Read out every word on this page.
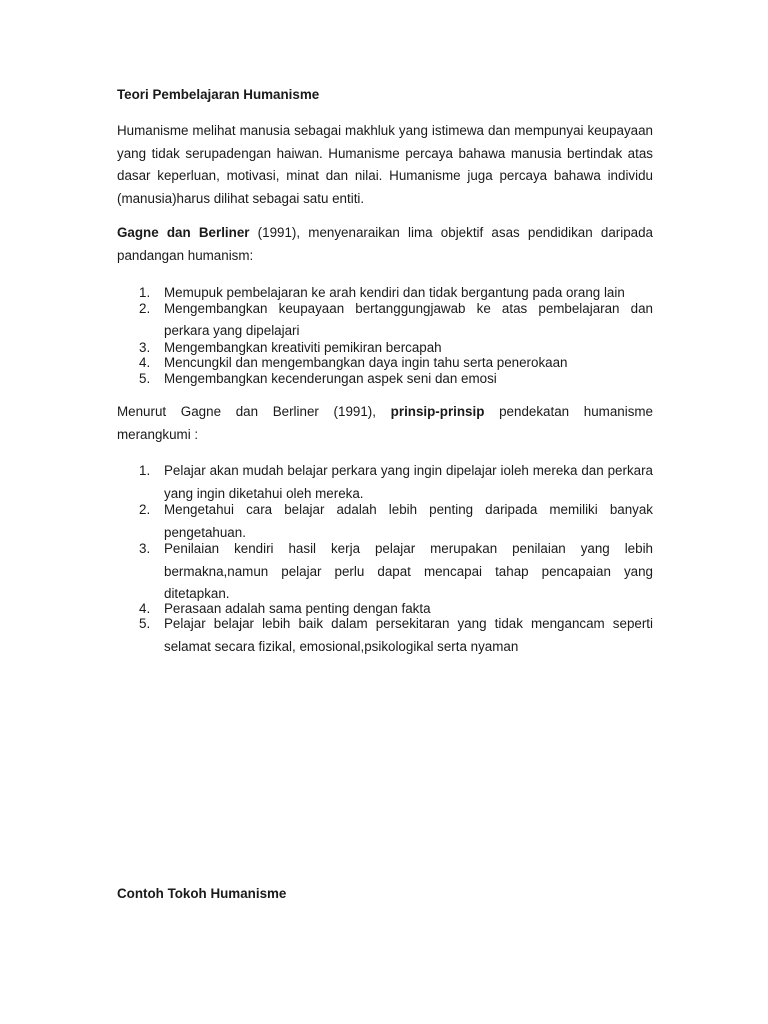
Teori Pembelajaran Humanisme

Humanisme melihat manusia sebagai makhluk yang istimewa dan mempunyai keupayaan yang tidak serupadengan haiwan. Humanisme percaya bahawa manusia bertindak atas dasar keperluan, motivasi, minat dan nilai. Humanisme juga percaya bahawa individu (manusia)harus dilihat sebagai satu entiti.

Gagne dan Berliner (1991), menyenaraikan lima objektif asas pendidikan daripada pandangan humanism:

1. Memupuk pembelajaran ke arah kendiri dan tidak bergantung pada orang lain
2. Mengembangkan keupayaan bertanggungjawab ke atas pembelajaran dan perkara yang dipelajari
3. Mengembangkan kreativiti pemikiran bercapah
4. Mencungkil dan mengembangkan daya ingin tahu serta penerokaan
5. Mengembangkan kecenderungan aspek seni dan emosi

Menurut Gagne dan Berliner (1991), prinsip-prinsip pendekatan humanisme merangkumi :

1. Pelajar akan mudah belajar perkara yang ingin dipelajar ioleh mereka dan perkara yang ingin diketahui oleh mereka.
2. Mengetahui cara belajar adalah lebih penting daripada memiliki banyak pengetahuan.
3. Penilaian kendiri hasil kerja pelajar merupakan penilaian yang lebih bermakna,namun pelajar perlu dapat mencapai tahap pencapaian yang ditetapkan.
4. Perasaan adalah sama penting dengan fakta
5. Pelajar belajar lebih baik dalam persekitaran yang tidak mengancam seperti selamat secara fizikal, emosional,psikologikal serta nyaman
Contoh Tokoh Humanisme
